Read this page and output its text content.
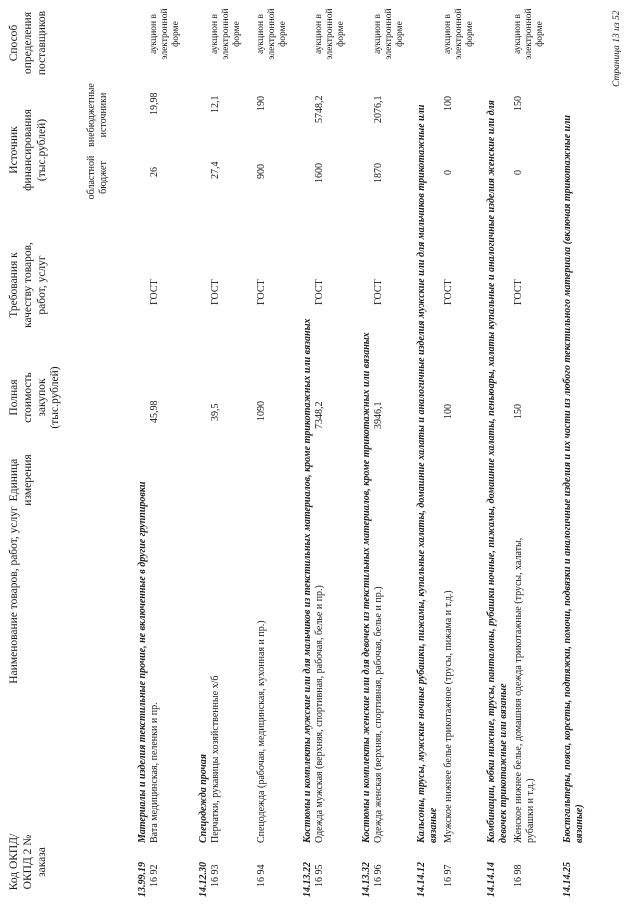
Код ОКПД/ ОКПД 2 № заказа
Наименование товаров, работ, услуг
Единица измерения
Полная стоимость закупок (тыс.рублей)
Требования к качеству товаров, работ, услуг
Источник финансирования (тыс.рублей)	областной бюджет
внебюджетные источники
Способ определения поставщиков
13.99.19
Материалы и изделия текстильные прочие, не включенные в другие группировки
16 92
Вата медицинская, пеленки и пр.
45,98
ГОСТ
26
19,98
аукцион в электронной форме
14.12.30
Спецодежда прочая
16 93
Перчатки, рукавицы хозяйственные х/б
39,5
ГОСТ
27,4
12,1
аукцион в электронной форме
16 94
Спецодежда (рабочая, медицинская, кухонная и пр.)
1090
ГОСТ
900
190
аукцион в электронной форме
14.13.22
Костюмы и комплекты мужские или для мальчиков из текстильных материалов, кроме трикотажных или вязаных
16 95
Одежда мужская (верхняя, спортивная, рабочая, белье и пр.)
7348,2
ГОСТ
1600
5748,2
аукцион в электронной форме
14.13.32
Костюмы и комплекты женские или для девочек из текстильных материалов, кроме трикотажных или вязаных
16 96
Одежда женская (верхняя, спортивная, рабочая, белье и пр.)
3946,1
ГОСТ
1870
2076,1
аукцион в электронной форме
14.14.12
Кальсоны, трусы, мужские ночные рубашки, пижамы, купальные халаты, домашние халаты и аналогичные изделия мужские или для мальчиков трикотажные или вязаные
16 97
Мужское нижнее белье трикотажное (трусы, пижама и т.д.)
100
ГОСТ
0
100
аукцион в электронной форме
14.14.14
Комбинации, юбки нижние, трусы, панталоны, рубашки ночные, пижамы, домашние халаты, пеньюары, халаты купальные и аналогичные изделия женские или для девочек трикотажные или вязаные
16 98
Женское нижнее белье, домашняя одежда трикотажные (трусы, халаты, рубашки и т.д.)
150
ГОСТ
0
150
аукцион в электронной форме
14.14.25
Бюстгальтеры, пояса, корсеты, подтяжки, помочи, подвязки и аналогичные изделия и их части из любого текстильного материала (включая трикотажные или вязаные)
Страница 13 из 52
